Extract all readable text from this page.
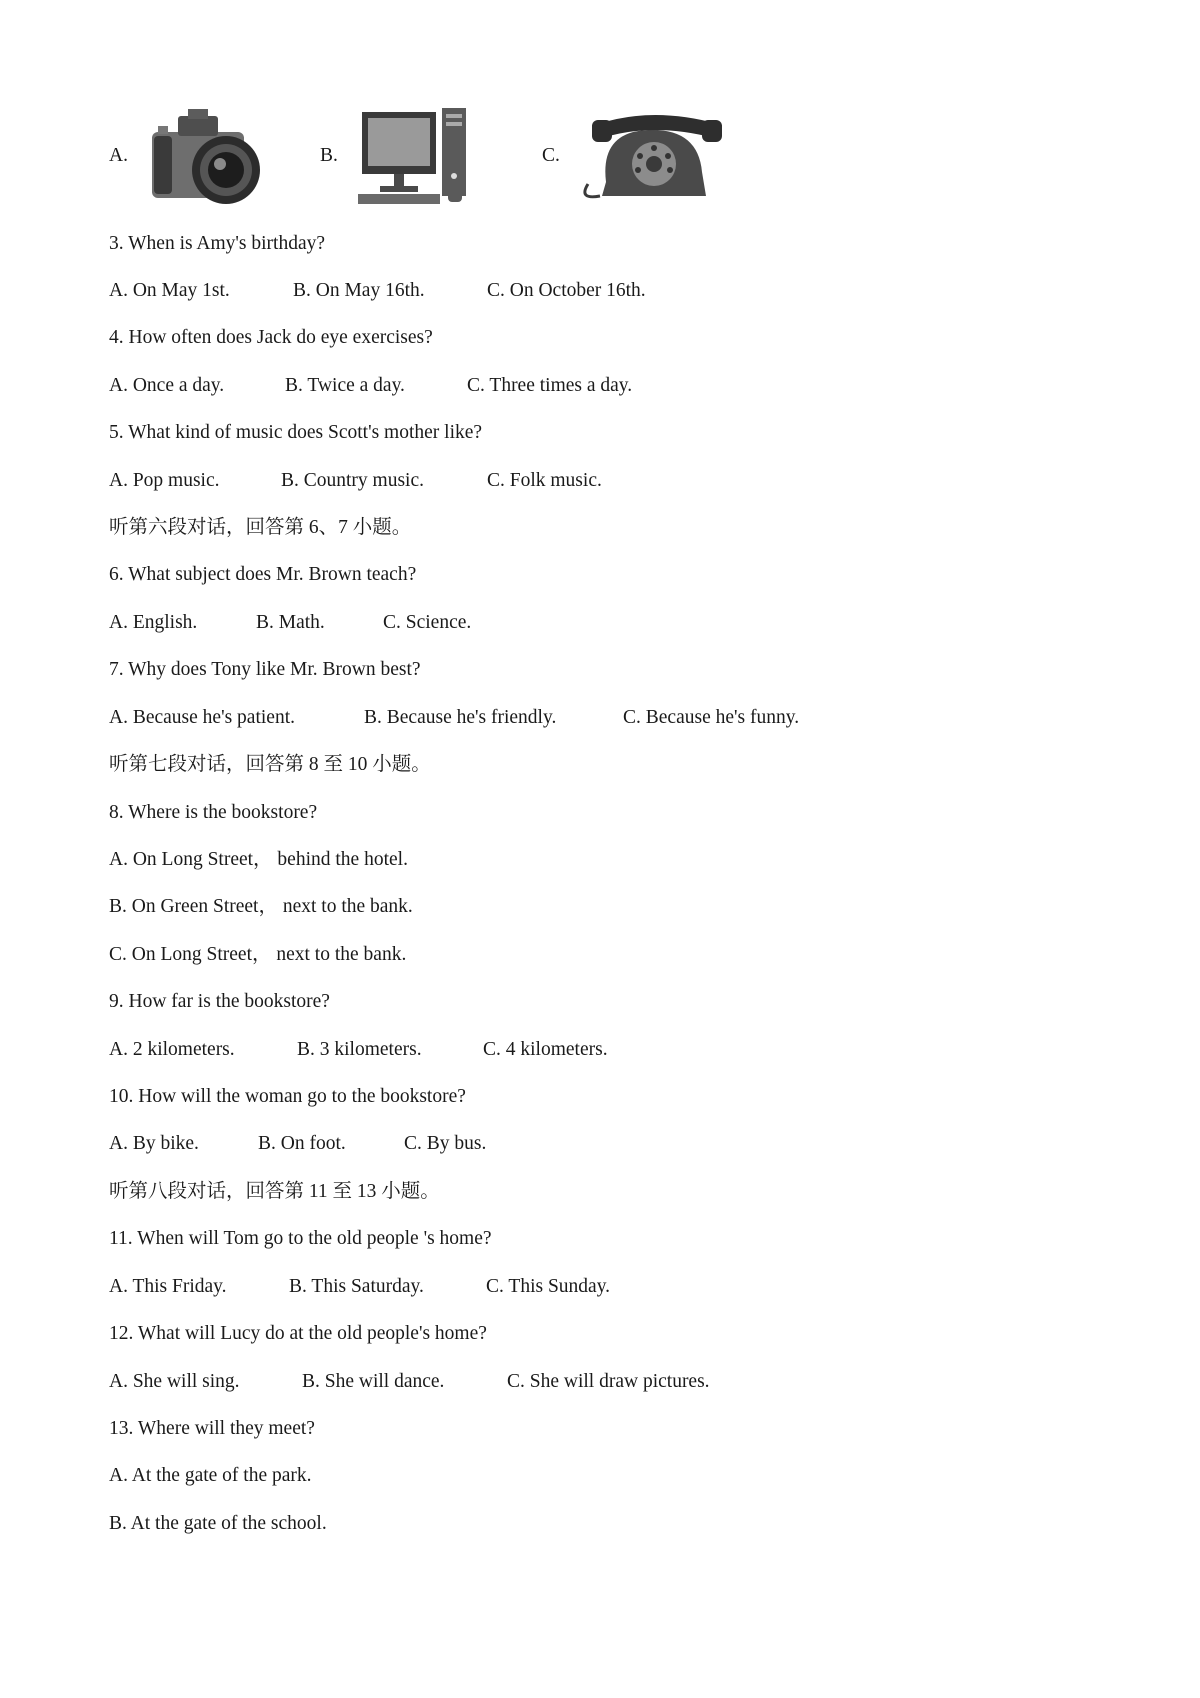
A.	B.	C.
3. When is Amy's birthday?
A. On May 1st.	B. On May 16th.	C. On October 16th.
4. How often does Jack do eye exercises?
A. Once a day.	B. Twice a day.	C. Three times a day.
5. What kind of music does Scott's mother like?
A. Pop music.	B. Country music.	C. Folk music.
听第六段对话，回答第 6、7 小题。
6. What subject does Mr. Brown teach?
A. English.	B. Math.	C. Science.
7. Why does Tony like Mr. Brown best?
A. Because he's patient.	B. Because he's friendly.	C. Because he's funny.
听第七段对话，回答第 8 至 10 小题。
8. Where is the bookstore?
A. On Long Street， behind the hotel.
B. On Green Street， next to the bank.
C. On Long Street， next to the bank.
9. How far is the bookstore?
A. 2 kilometers.	B. 3 kilometers.	C. 4 kilometers.
10. How will the woman go to the bookstore?
A. By bike.	B. On foot.	C. By bus.
听第八段对话，回答第 11 至 13 小题。
11. When will Tom go to the old people 's home?
A. This Friday.	B. This Saturday.	C. This Sunday.
12. What will Lucy do at the old people's home?
A. She will sing.	B. She will dance.	C. She will draw pictures.
13. Where will they meet?
A. At the gate of the park.
B. At the gate of the school.
